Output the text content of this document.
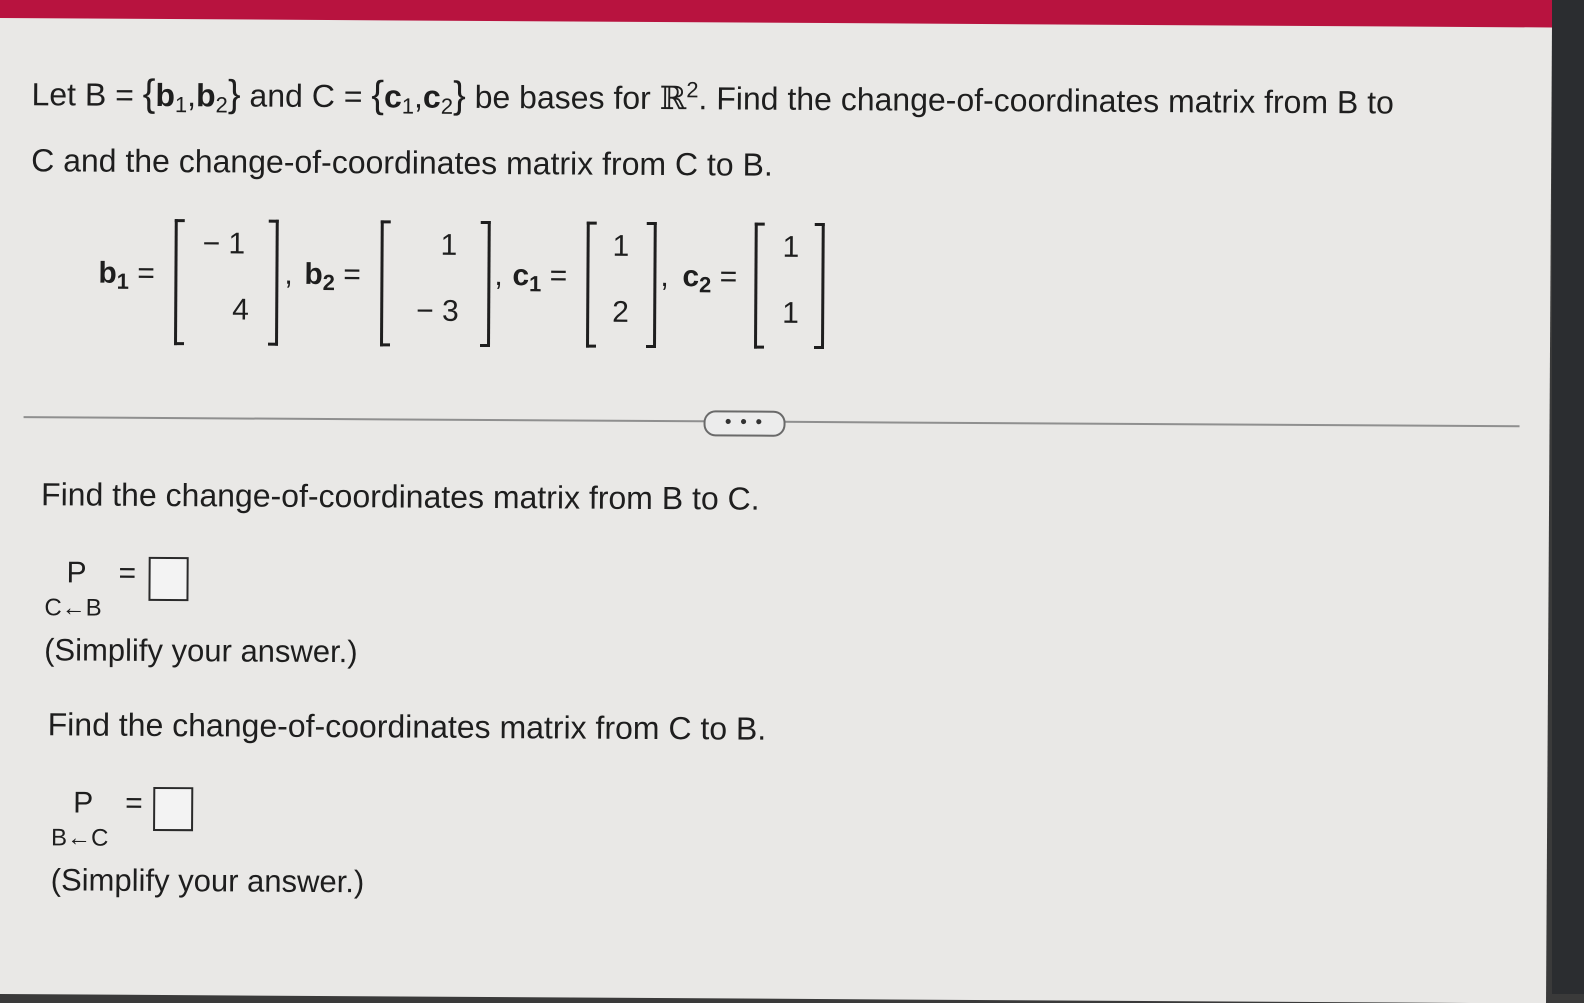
Let $B = \{b_1,b_2\}$ and $C = \{c_1,c_2\}$ be bases for ℝ$^2$. Find the change-of-coordinates matrix from B to
C and the change-of-coordinates matrix from C to B.
$b_1$ =
− 1
4
, $b_2$ =
1
− 3
, $c_1$ =
1
2
, $c_2$ =
1
1
• • •
Find the change-of-coordinates matrix from B to C.
P =
C←B
(Simplify your answer.)
Find the change-of-coordinates matrix from C to B.
P =
B←C
(Simplify your answer.)
